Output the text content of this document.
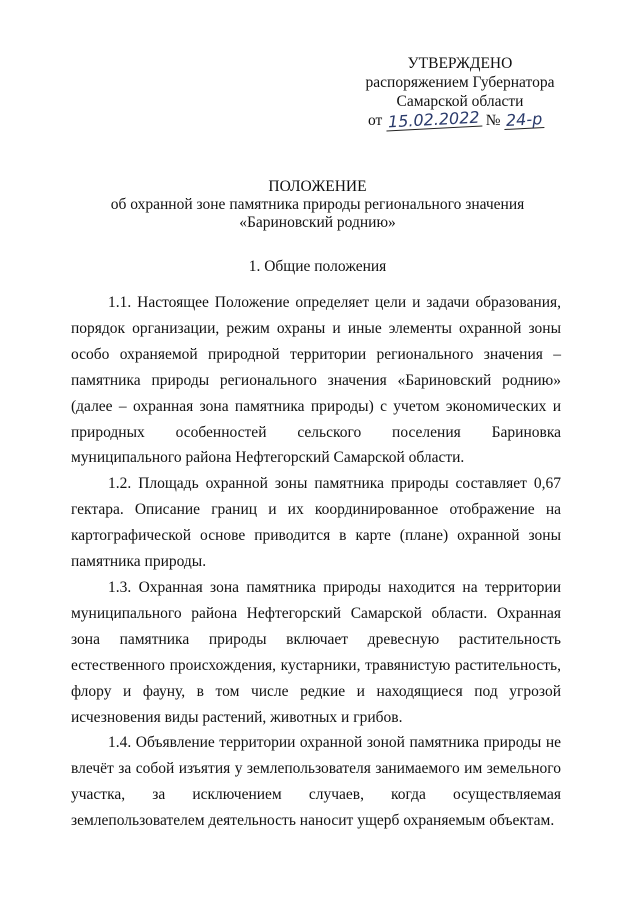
УТВЕРЖДЕНО
распоряжением Губернатора
Самарской области
от 15.02.2022 № 24-р
ПОЛОЖЕНИЕ
об охранной зоне памятника природы регионального значения
«Бариновский роднию»
1. Общие положения

1.1. Настоящее Положение определяет цели и задачи образования, порядок организации, режим охраны и иные элементы охранной зоны особо охраняемой природной территории регионального значения – памятника природы регионального значения «Бариновский роднию» (далее – охранная зона памятника природы) с учетом экономических и природных особенностей сельского поселения Бариновка муниципального района Нефтегорский Самарской области.

1.2. Площадь охранной зоны памятника природы составляет 0,67 гектара. Описание границ и их координированное отображение на картографической основе приводится в карте (плане) охранной зоны памятника природы.

1.3. Охранная зона памятника природы находится на территории муниципального района Нефтегорский Самарской области. Охранная зона памятника природы включает древесную растительность естественного происхождения, кустарники, травянистую растительность, флору и фауну, в том числе редкие и находящиеся под угрозой исчезновения виды растений, животных и грибов.

1.4. Объявление территории охранной зоной памятника природы не влечёт за собой изъятия у землепользователя занимаемого им земельного участка, за исключением случаев, когда осуществляемая землепользователем деятельность наносит ущерб охраняемым объектам.
